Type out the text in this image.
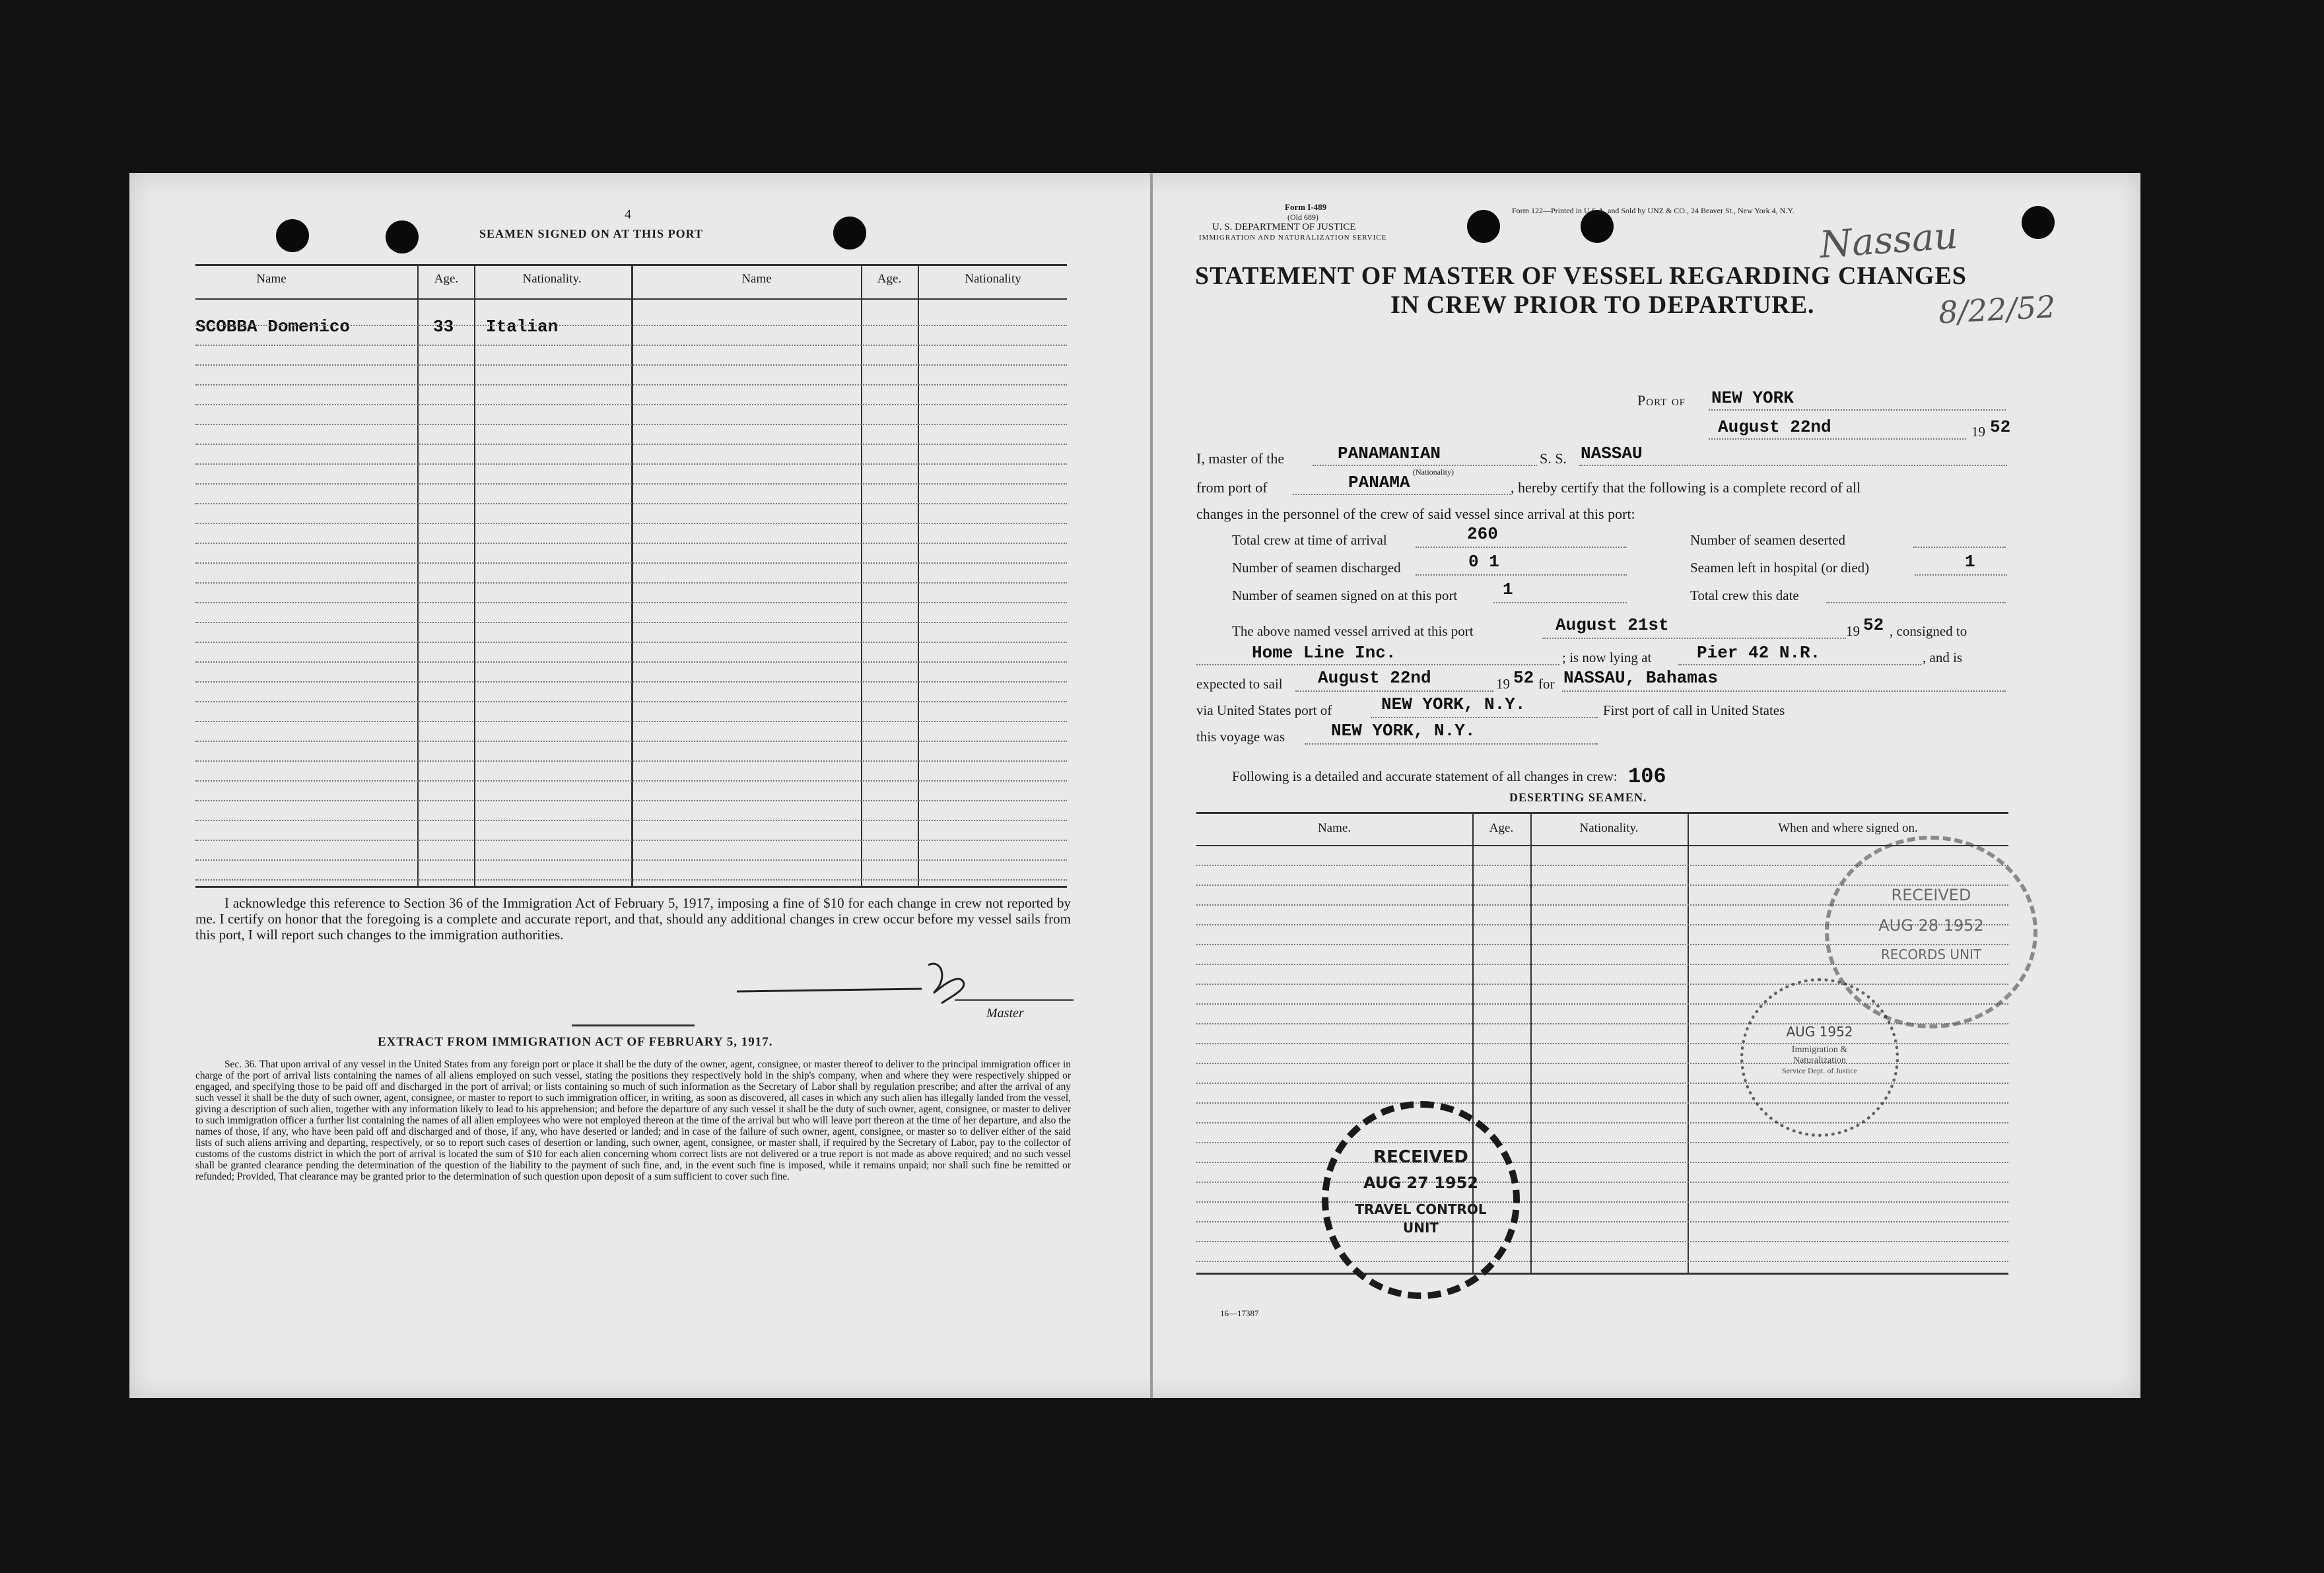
4
SEAMEN SIGNED ON AT THIS PORT
Name	Age.	Nationality.	Name	Age.	Nationality
SCOBBA Domenico	33 Italian
I acknowledge this reference to Section 36 of the Immigration Act of February 5, 1917, imposing a fine of $10 for each change in crew not reported by me. I certify on honor that the foregoing is a complete and accurate report, and that, should any additional changes in crew occur before my vessel sails from this port, I will report such changes to the immigration authorities.
Master
EXTRACT FROM IMMIGRATION ACT OF FEBRUARY 5, 1917.
Sec. 36. That upon arrival of any vessel in the United States from any foreign port or place it shall be the duty of the owner, agent, consignee, or master thereof to deliver to the principal immigration officer in charge of the port of arrival lists containing the names of all aliens employed on such vessel, stating the positions they respectively hold in the ship's company, when and where they were respectively shipped or engaged, and specifying those to be paid off and discharged in the port of arrival; or lists containing so much of such information as the Secretary of Labor shall by regulation prescribe; and after the arrival of any such vessel it shall be the duty of such owner, agent, consignee, or master to report to such immigration officer, in writing, as soon as discovered, all cases in which any such alien has illegally landed from the vessel, giving a description of such alien, together with any information likely to lead to his apprehension; and before the departure of any such vessel it shall be the duty of such owner, agent, consignee, or master to deliver to such immigration officer a further list containing the names of all alien employees who were not employed thereon at the time of the arrival but who will leave port thereon at the time of her departure, and also the names of those, if any, who have been paid off and discharged and of those, if any, who have deserted or landed; and in case of the failure of such owner, agent, consignee, or master so to deliver either of the said lists of such aliens arriving and departing, respectively, or so to report such cases of desertion or landing, such owner, agent, consignee, or master shall, if required by the Secretary of Labor, pay to the collector of customs of the customs district in which the port of arrival is located the sum of $10 for each alien concerning whom correct lists are not delivered or a true report is not made as above required; and no such vessel shall be granted clearance pending the determination of the question of the liability to the payment of such fine, and, in the event such fine is imposed, while it remains unpaid; nor shall such fine be remitted or refunded; Provided, That clearance may be granted prior to the determination of such question upon deposit of a sum sufficient to cover such fine.
Form I-489
(Old 689)
U. S. DEPARTMENT OF JUSTICE
IMMIGRATION AND NATURALIZATION SERVICE
Form 122—Printed in U.S.A. and Sold by UNZ & CO., 24 Beaver St., New York 4, N.Y.
Nassau
8/22/52
STATEMENT OF MASTER OF VESSEL REGARDING CHANGES
IN CREW PRIOR TO DEPARTURE.
Port of NEW YORK
August 22nd	19 52
I, master of the	PANAMANIAN
(Nationality)
S. S. NASSAU
from port of	PANAMA	, hereby certify that the following is a complete record of all
changes in the personnel of the crew of said vessel since arrival at this port:
Total crew at time of arrival	260
Number of seamen discharged	0 1
Number of seamen signed on at this port	1
Number of seamen deserted
Seamen left in hospital (or died)	1
Total crew this date
The above named vessel arrived at this port	August 21st	19 52 , consigned to
Home Line Inc.	; is now lying at	Pier 42 N.R.	, and is
expected to sail August 22nd	19 52 for NASSAU, Bahamas
via United States port of	NEW YORK, N.Y.	First port of call in United States
this voyage was	NEW YORK, N.Y.
Following is a detailed and accurate statement of all changes in crew: 106
DESERTING SEAMEN.
Name.	Age.	Nationality.	When and where signed on.
16—17387
RECEIVED
AUG 28 1952
RECORDS UNIT
AUG 1952
Immigration &
Naturalization
Service Dept. of Justice
RECEIVED
AUG 27 1952
TRAVEL CONTROL
UNIT
